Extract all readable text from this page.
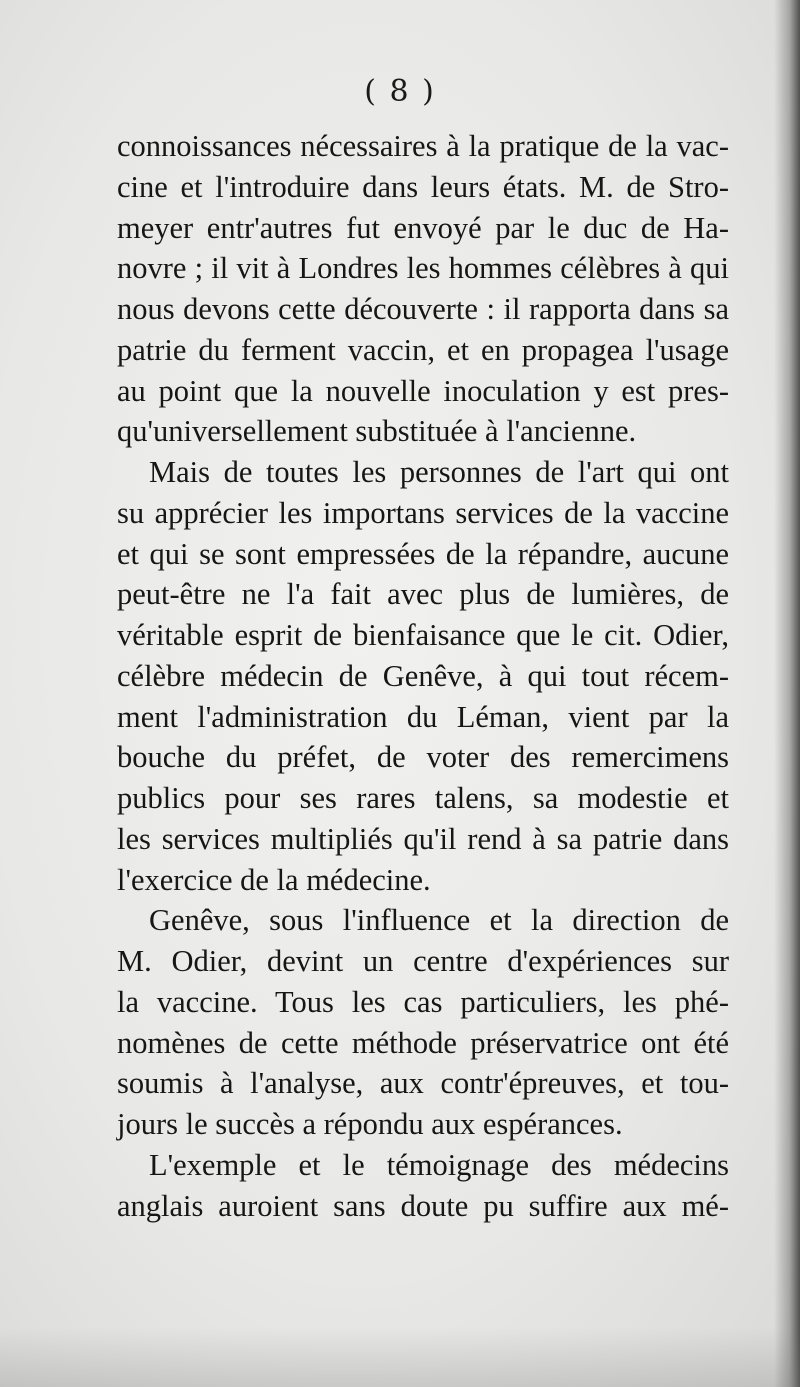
( 8 )
connoissances nécessaires à la pratique de la vac-
cine et l'introduire dans leurs états. M. de Stro-
meyer entr'autres fut envoyé par le duc de Ha-
novre ; il vit à Londres les hommes célèbres à qui
nous devons cette découverte : il rapporta dans sa
patrie du ferment vaccin, et en propagea l'usage
au point que la nouvelle inoculation y est pres-
qu'universellement substituée à l'ancienne.
Mais de toutes les personnes de l'art qui ont
su apprécier les importans services de la vaccine
et qui se sont empressées de la répandre, aucune
peut-être ne l'a fait avec plus de lumières, de
véritable esprit de bienfaisance que le cit. Odier,
célèbre médecin de Genêve, à qui tout récem-
ment l'administration du Léman, vient par la
bouche du préfet, de voter des remercimens
publics pour ses rares talens, sa modestie et
les services multipliés qu'il rend à sa patrie dans
l'exercice de la médecine.
Genêve, sous l'influence et la direction de
M. Odier, devint un centre d'expériences sur
la vaccine. Tous les cas particuliers, les phé-
nomènes de cette méthode préservatrice ont été
soumis à l'analyse, aux contr'épreuves, et tou-
jours le succès a répondu aux espérances.
L'exemple et le témoignage des médecins
anglais auroient sans doute pu suffire aux mé-
